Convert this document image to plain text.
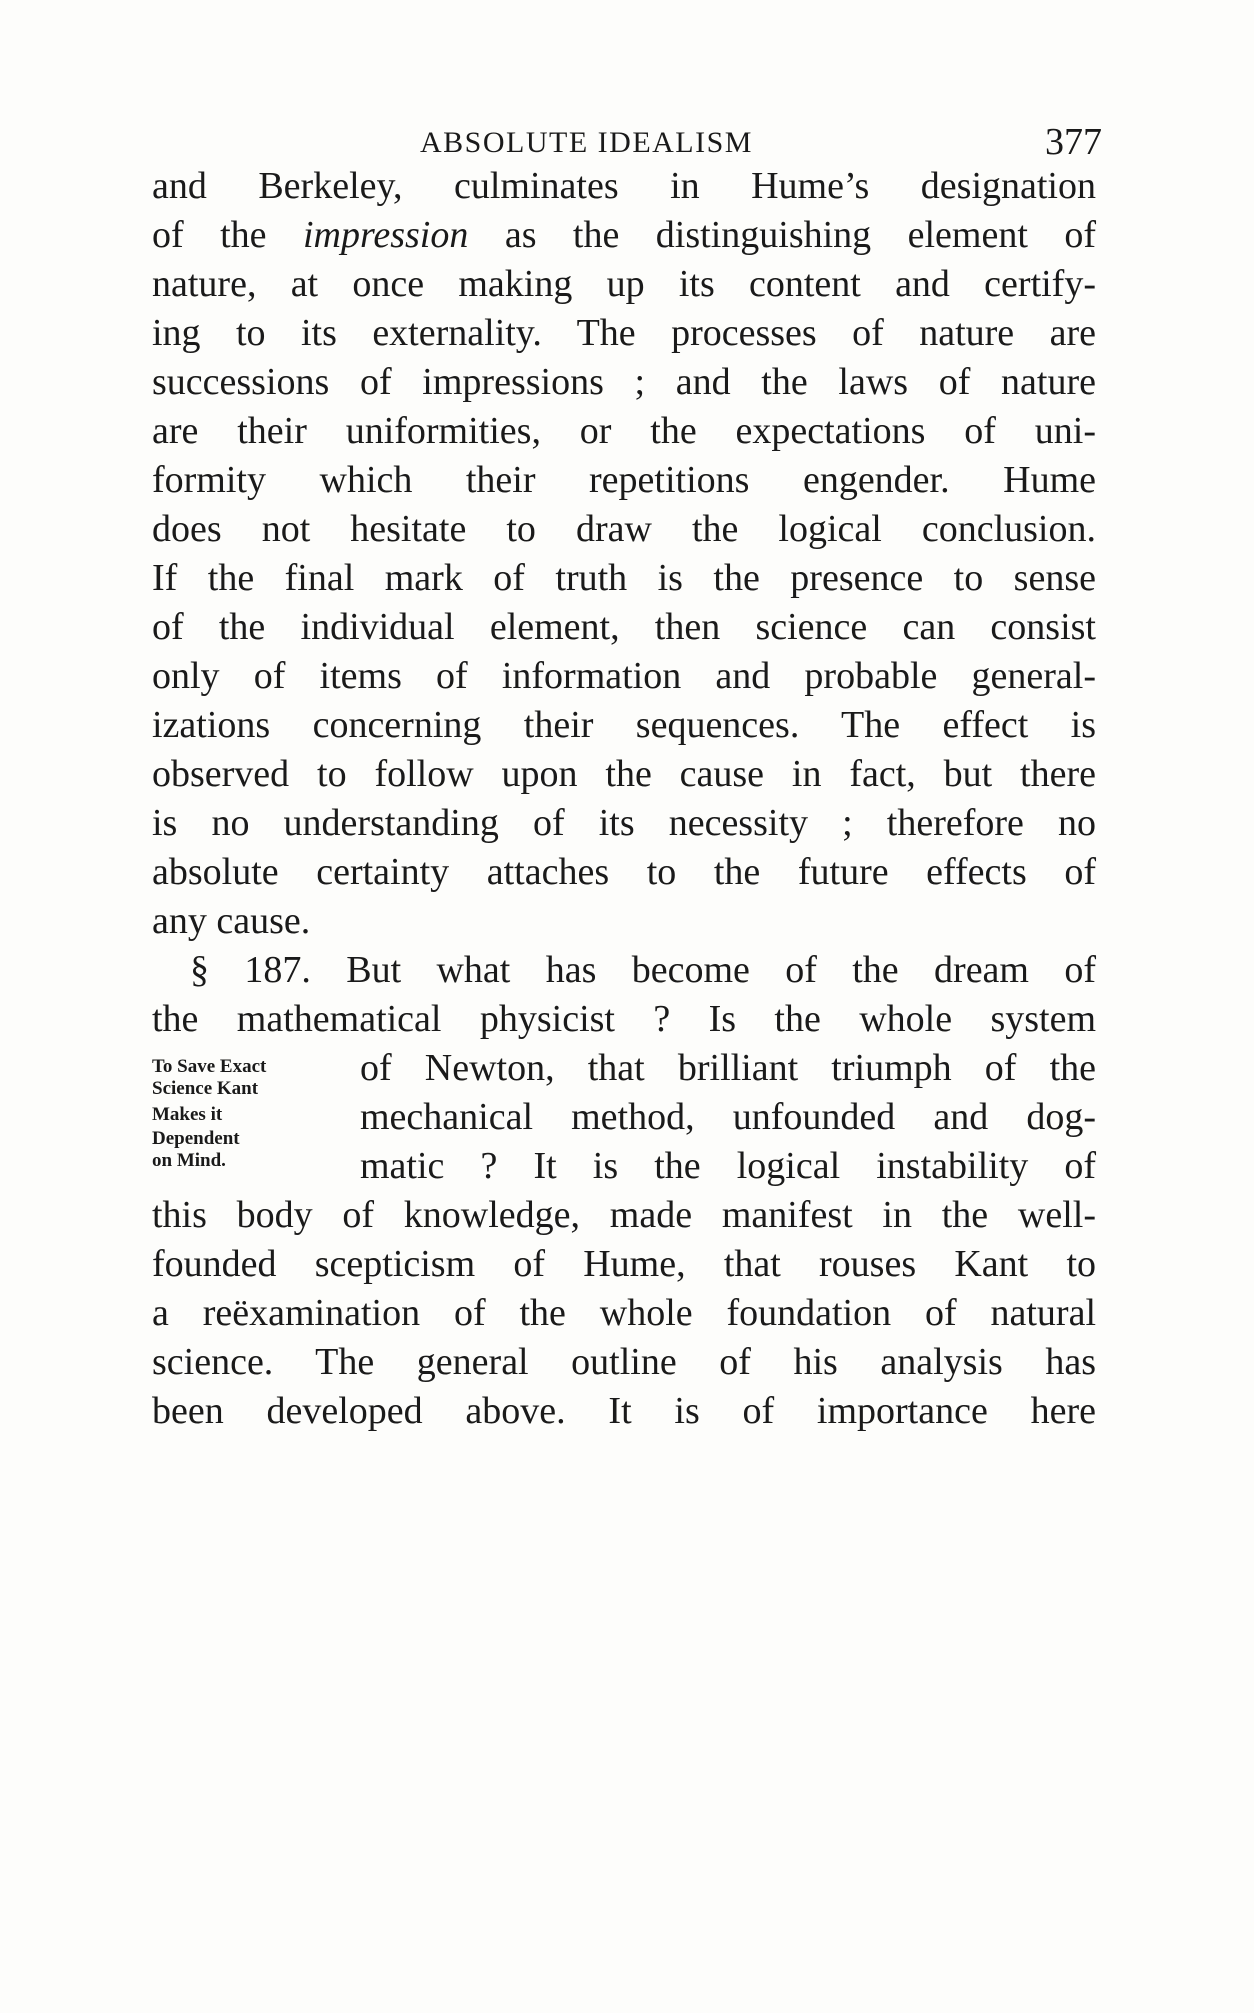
ABSOLUTE IDEALISM	377
and Berkeley, culminates in Hume’s designation
of the impression as the distinguishing element of
nature, at once making up its content and certify-
ing to its externality. The processes of nature are
successions of impressions ; and the laws of nature
are their uniformities, or the expectations of uni-
formity which their repetitions engender. Hume
does not hesitate to draw the logical conclusion.
If the final mark of truth is the presence to sense
of the individual element, then science can consist
only of items of information and probable general-
izations concerning their sequences. The effect is
observed to follow upon the cause in fact, but there
is no understanding of its necessity ; therefore no
absolute certainty attaches to the future effects of
any cause.
§ 187. But what has become of the dream of
the mathematical physicist ? Is the whole system
of Newton, that brilliant triumph of the
mechanical method, unfounded and dog-
matic ? It is the logical instability of
this body of knowledge, made manifest in the well-
founded scepticism of Hume, that rouses Kant to
a reëxamination of the whole foundation of natural
science. The general outline of his analysis has
been developed above. It is of importance here
To Save Exact
Science Kant
Makes it
Dependent
on Mind.
